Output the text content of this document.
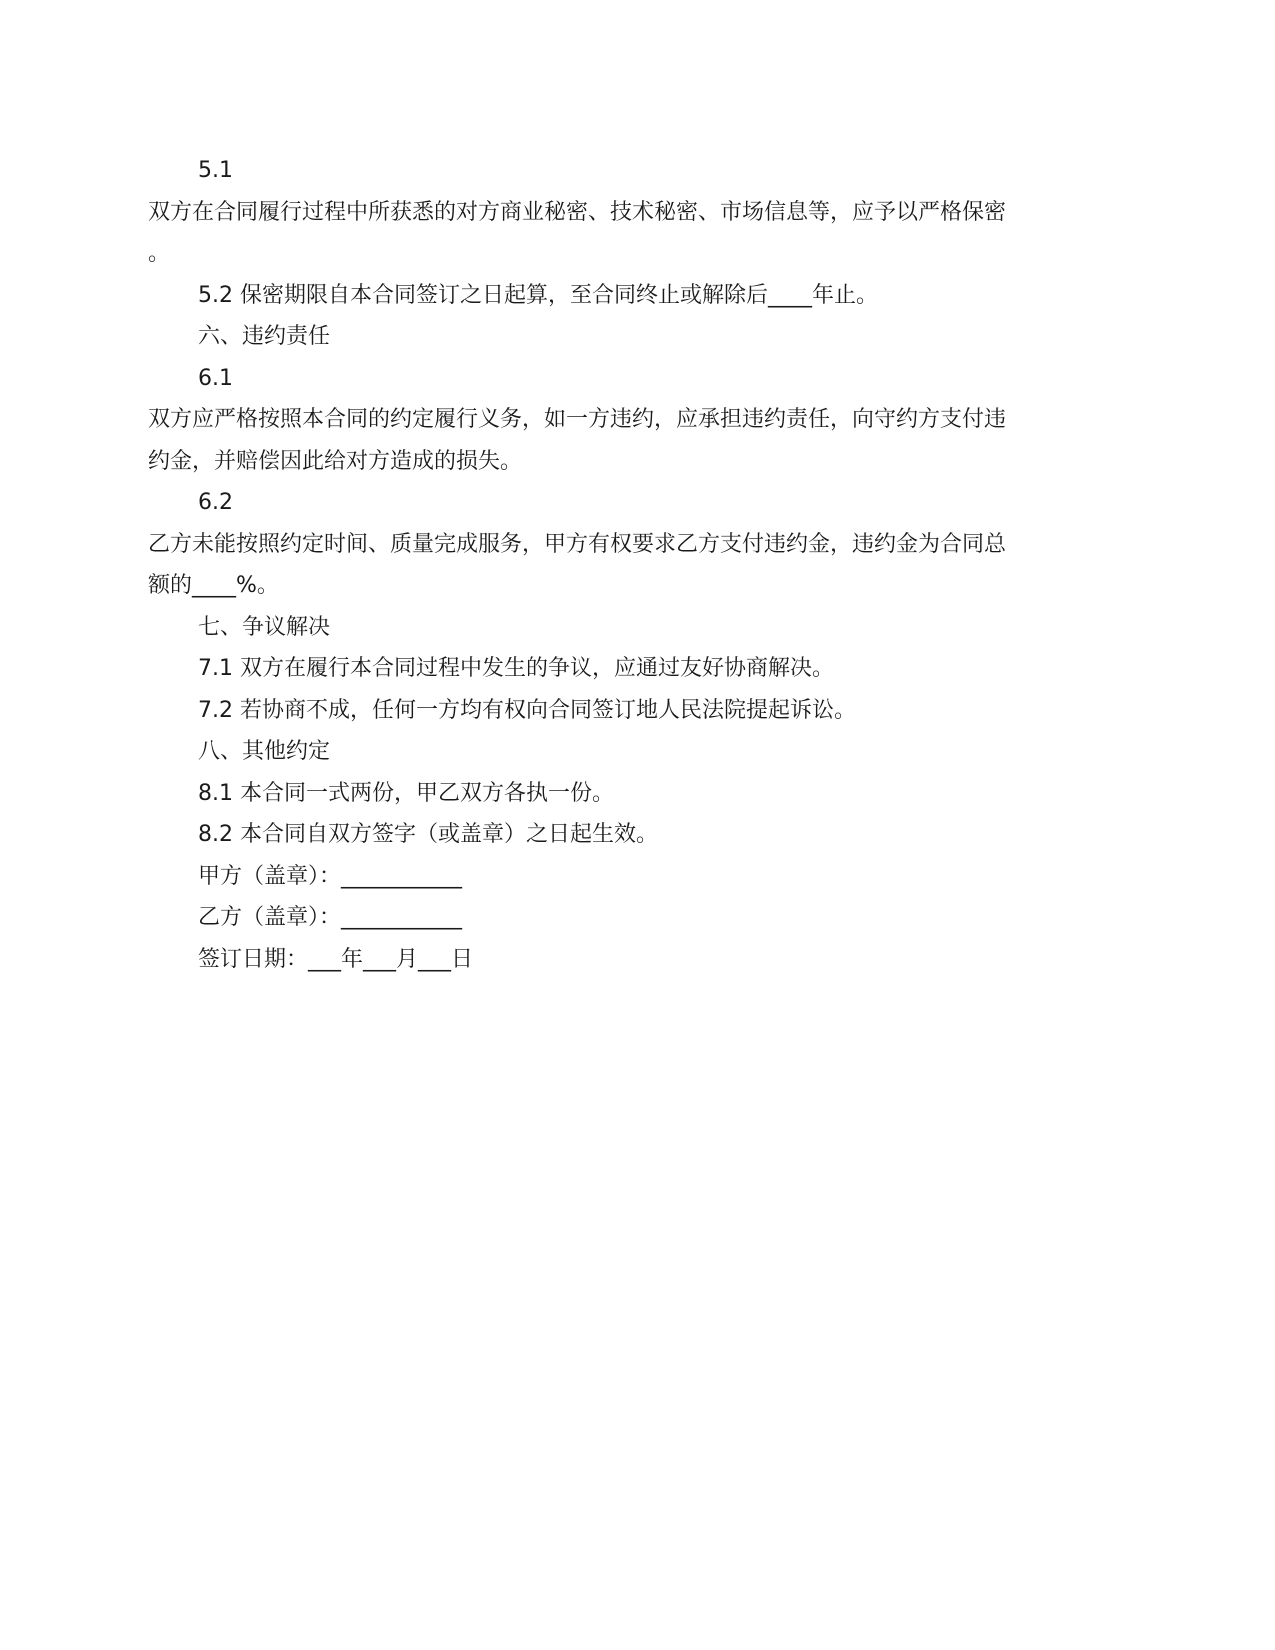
5.1
双方在合同履行过程中所获悉的对方商业秘密、技术秘密、市场信息等，应予以严格保密
。
5.2 保密期限自本合同签订之日起算，至合同终止或解除后____年止。
六、违约责任
6.1
双方应严格按照本合同的约定履行义务，如一方违约，应承担违约责任，向守约方支付违
约金，并赔偿因此给对方造成的损失。
6.2
乙方未能按照约定时间、质量完成服务，甲方有权要求乙方支付违约金，违约金为合同总
额的____%。
七、争议解决
7.1 双方在履行本合同过程中发生的争议，应通过友好协商解决。
7.2 若协商不成，任何一方均有权向合同签订地人民法院提起诉讼。
八、其他约定
8.1 本合同一式两份，甲乙双方各执一份。
8.2 本合同自双方签字（或盖章）之日起生效。
甲方（盖章）：___________
乙方（盖章）：___________
签订日期：___年___月___日
